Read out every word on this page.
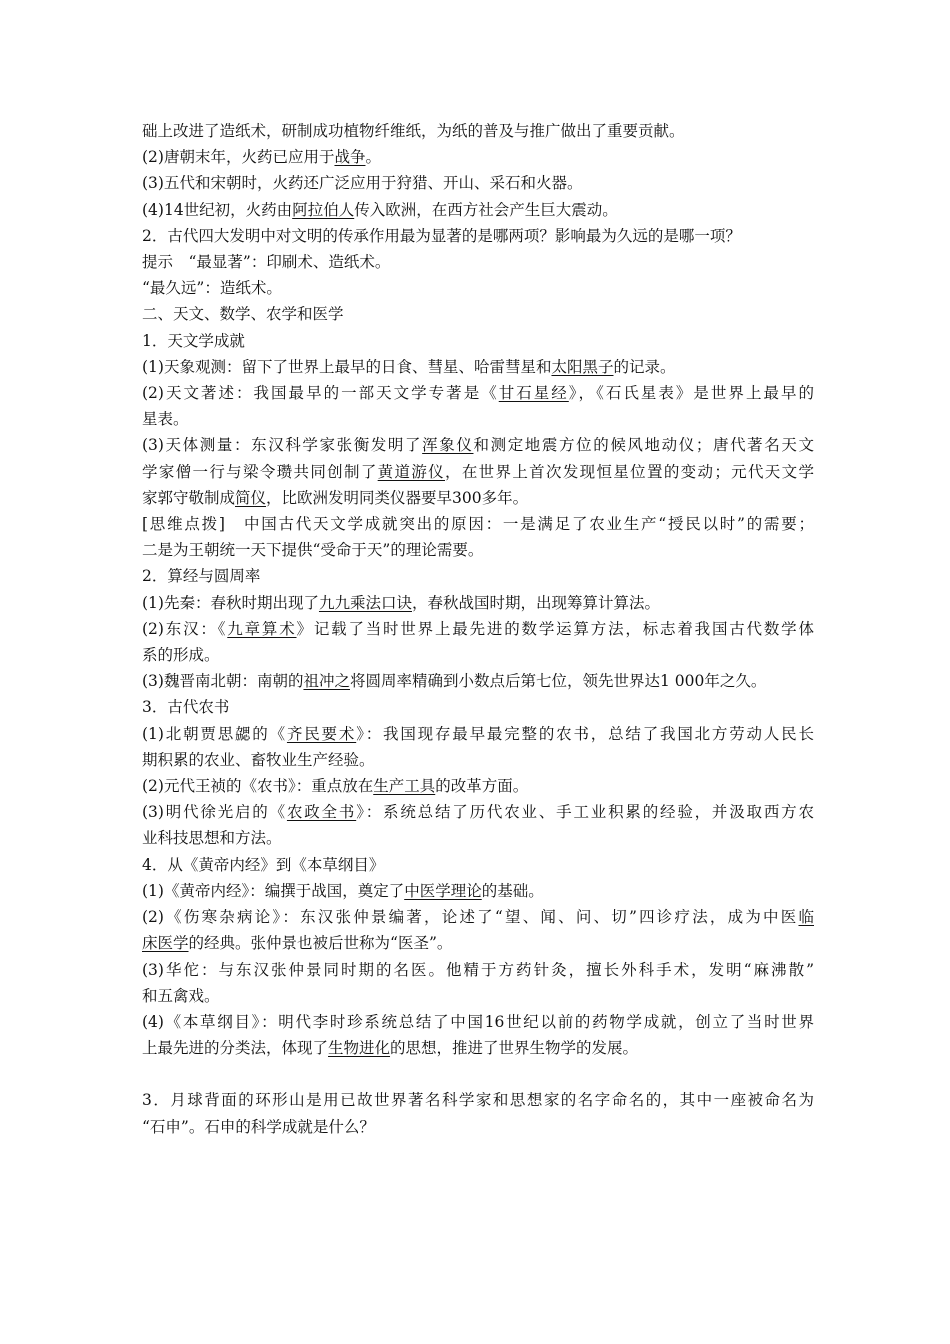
础上改进了造纸术，研制成功植物纤维纸，为纸的普及与推广做出了重要贡献。
(2)唐朝末年，火药已应用于战争。
(3)五代和宋朝时，火药还广泛应用于狩猎、开山、采石和火器。
(4)14世纪初，火药由阿拉伯人传入欧洲，在西方社会产生巨大震动。
2．古代四大发明中对文明的传承作用最为显著的是哪两项？影响最为久远的是哪一项？
提示　“最显著”：印刷术、造纸术。
“最久远”：造纸术。
二、天文、数学、农学和医学
1．天文学成就
(1)天象观测：留下了世界上最早的日食、彗星、哈雷彗星和太阳黑子的记录。
(2)天文著述：我国最早的一部天文学专著是《甘石星经》，《石氏星表》是世界上最早的
星表。
(3)天体测量：东汉科学家张衡发明了浑象仪和测定地震方位的候风地动仪；唐代著名天文
学家僧一行与梁令瓒共同创制了黄道游仪，在世界上首次发现恒星位置的变动；元代天文学
家郭守敬制成简仪，比欧洲发明同类仪器要早300多年。
[思维点拨]　中国古代天文学成就突出的原因：一是满足了农业生产“授民以时”的需要；
二是为王朝统一天下提供“受命于天”的理论需要。
2．算经与圆周率
(1)先秦：春秋时期出现了九九乘法口诀，春秋战国时期，出现筹算计算法。
(2)东汉：《九章算术》记载了当时世界上最先进的数学运算方法，标志着我国古代数学体
系的形成。
(3)魏晋南北朝：南朝的祖冲之将圆周率精确到小数点后第七位，领先世界达1 000年之久。
3．古代农书
(1)北朝贾思勰的《齐民要术》：我国现存最早最完整的农书，总结了我国北方劳动人民长
期积累的农业、畜牧业生产经验。
(2)元代王祯的《农书》：重点放在生产工具的改革方面。
(3)明代徐光启的《农政全书》：系统总结了历代农业、手工业积累的经验，并汲取西方农
业科技思想和方法。
4．从《黄帝内经》到《本草纲目》
(1)《黄帝内经》：编撰于战国，奠定了中医学理论的基础。
(2)《伤寒杂病论》：东汉张仲景编著，论述了“望、闻、问、切”四诊疗法，成为中医临
床医学的经典。张仲景也被后世称为“医圣”。
(3)华佗：与东汉张仲景同时期的名医。他精于方药针灸，擅长外科手术，发明“麻沸散”
和五禽戏。
(4)《本草纲目》：明代李时珍系统总结了中国16世纪以前的药物学成就，创立了当时世界
上最先进的分类法，体现了生物进化的思想，推进了世界生物学的发展。
3．月球背面的环形山是用已故世界著名科学家和思想家的名字命名的，其中一座被命名为
“石申”。石申的科学成就是什么？
